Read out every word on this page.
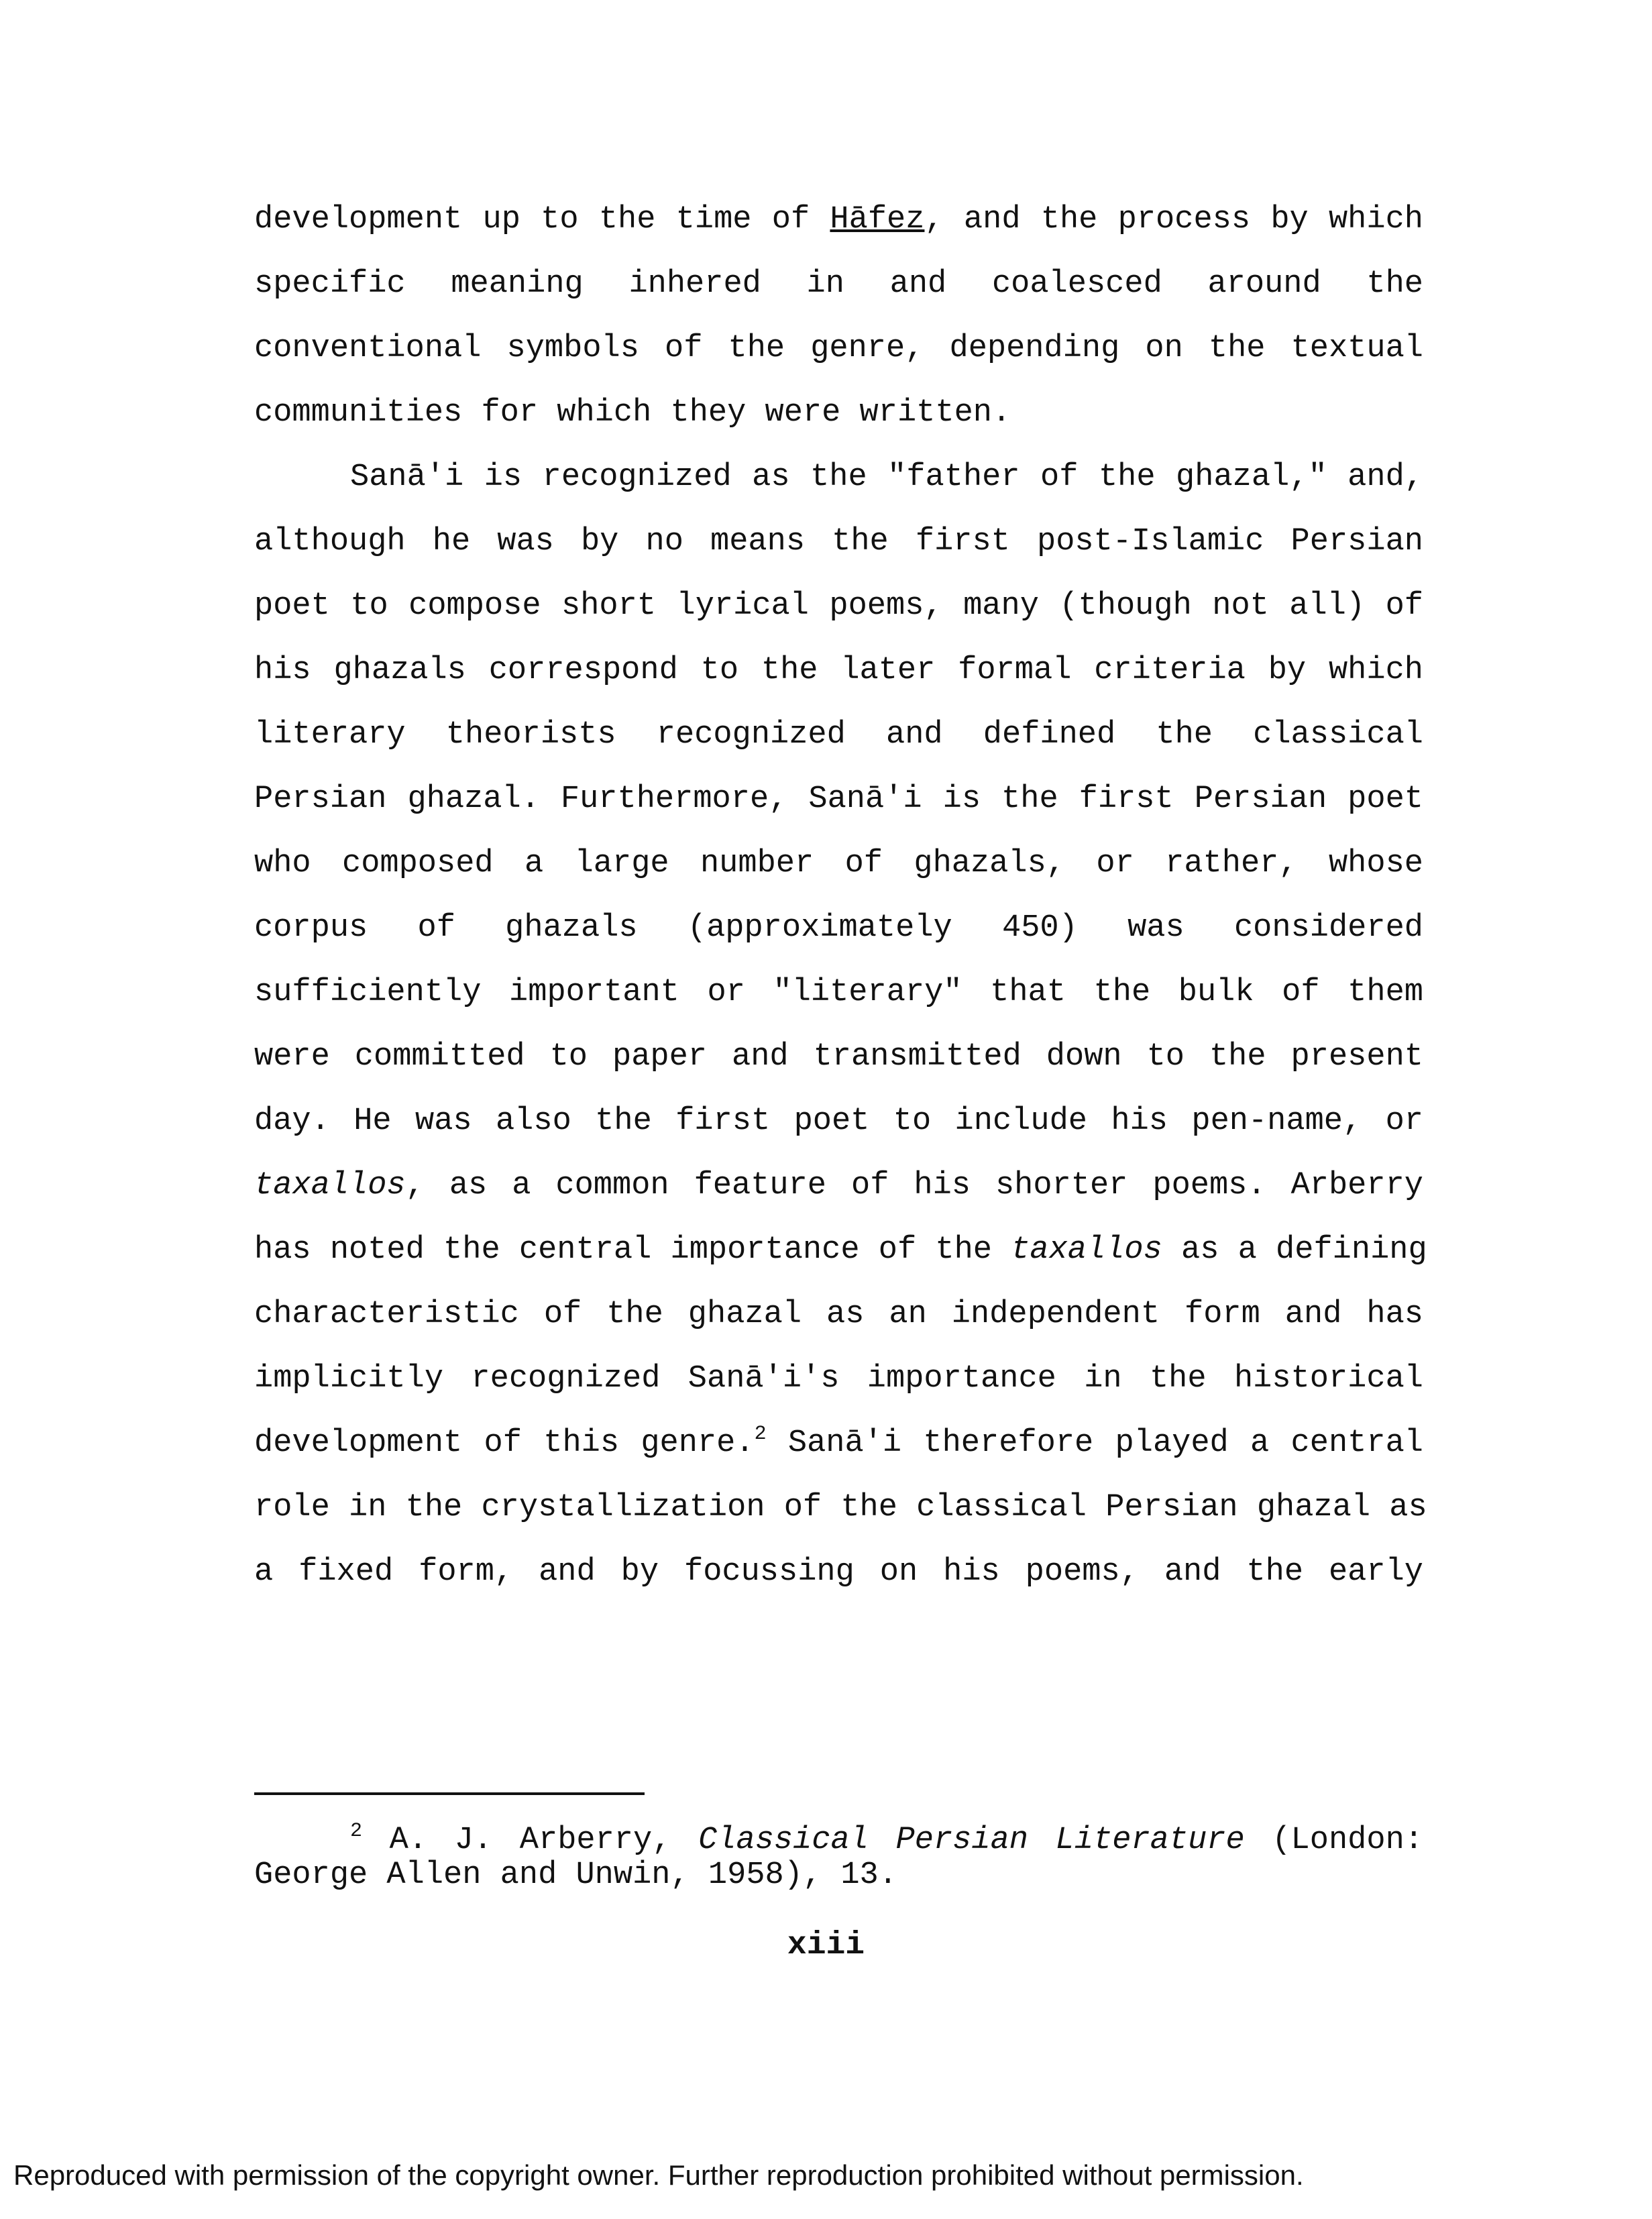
development up to the time of Hāfez, and the process by which
specific meaning inhered in and coalesced around the
conventional symbols of the genre, depending on the textual
communities for which they were written.
Sanā'i is recognized as the "father of the ghazal," and,
although he was by no means the first post-Islamic Persian
poet to compose short lyrical poems, many (though not all) of
his ghazals correspond to the later formal criteria by which
literary theorists recognized and defined the classical
Persian ghazal. Furthermore, Sanā'i is the first Persian poet
who composed a large number of ghazals, or rather, whose
corpus of ghazals (approximately 450) was considered
sufficiently important or "literary" that the bulk of them
were committed to paper and transmitted down to the present
day. He was also the first poet to include his pen-name, or
taxallos, as a common feature of his shorter poems. Arberry
has noted the central importance of the taxallos as a defining
characteristic of the ghazal as an independent form and has
implicitly recognized Sanā'i's importance in the historical
development of this genre.$^2$ Sanā'i therefore played a central
role in the crystallization of the classical Persian ghazal as
a fixed form, and by focussing on his poems, and the early
$^2$ A. J. Arberry, Classical Persian Literature (London:
George Allen and Unwin, 1958), 13.
xiii
Reproduced with permission of the copyright owner. Further reproduction prohibited without permission.
